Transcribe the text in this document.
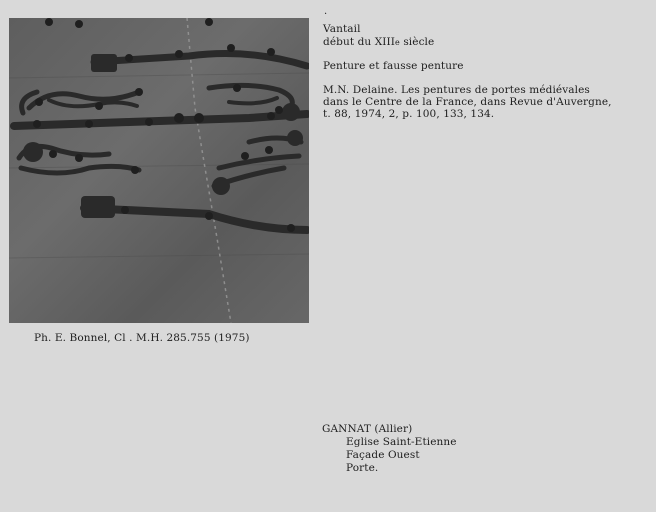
.
Vantail
début du XIIIe siècle
Penture et fausse penture
M.N. Delaine. Les pentures de portes médiévales
dans le Centre de la France, dans Revue d'Auvergne,
t. 88, 1974, 2, p. 100, 133, 134.
Ph. E. Bonnel, Cl . M.H. 285.755 (1975)
GANNAT (Allier)
Eglise Saint-Etienne
Façade Ouest
Porte.
